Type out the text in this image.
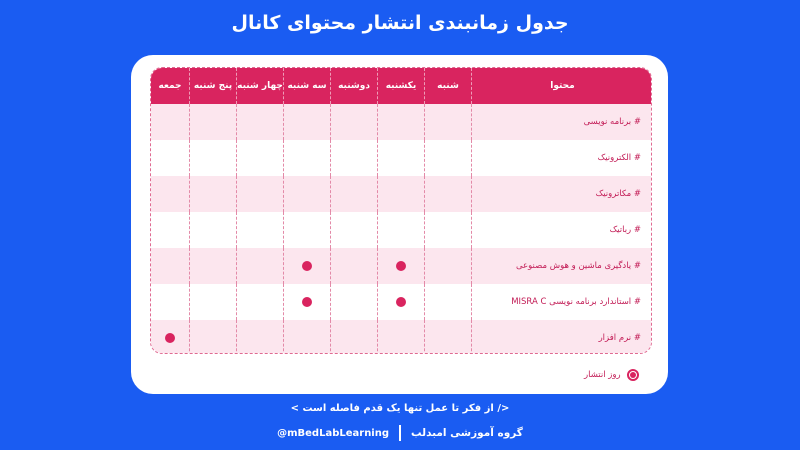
جدول زمانبندی انتشار محتوای کانال
محتوا
شنبه
یکشنبه
دوشنبه
سه شنبه
چهار شنبه
پنج شنبه
جمعه
# برنامه نویسی
# الکترونیک
# مکاترونیک
# رباتیک
# یادگیری ماشین و هوش مصنوعی
# استاندارد برنامه نویسی MISRA C
# نرم افزار
روز انتشار
</ از فکر تا عمل تنها یک قدم فاصله است >
@mBedLabLearning گروه آموزشی امبدلب
